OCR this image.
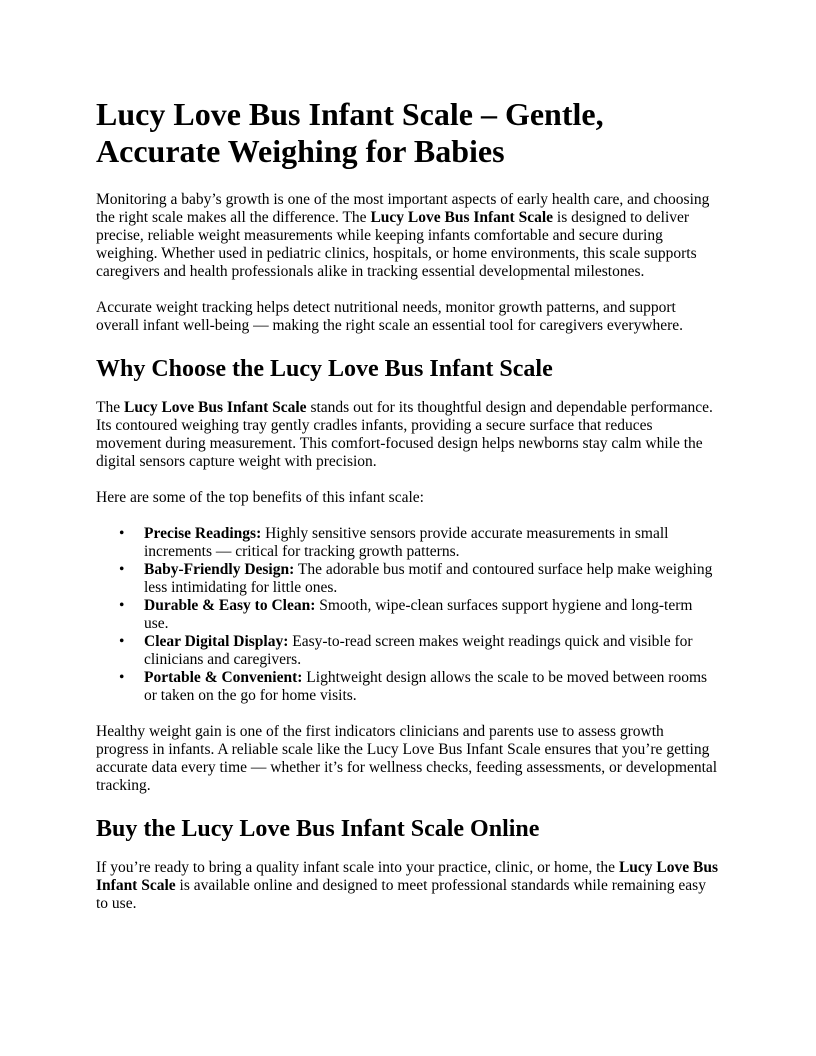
Lucy Love Bus Infant Scale – Gentle, Accurate Weighing for Babies

Monitoring a baby’s growth is one of the most important aspects of early health care, and choosing the right scale makes all the difference. The Lucy Love Bus Infant Scale is designed to deliver precise, reliable weight measurements while keeping infants comfortable and secure during weighing. Whether used in pediatric clinics, hospitals, or home environments, this scale supports caregivers and health professionals alike in tracking essential developmental milestones.

Accurate weight tracking helps detect nutritional needs, monitor growth patterns, and support overall infant well-being — making the right scale an essential tool for caregivers everywhere.

Why Choose the Lucy Love Bus Infant Scale

The Lucy Love Bus Infant Scale stands out for its thoughtful design and dependable performance. Its contoured weighing tray gently cradles infants, providing a secure surface that reduces movement during measurement. This comfort-focused design helps newborns stay calm while the digital sensors capture weight with precision.

Here are some of the top benefits of this infant scale:

• Precise Readings: Highly sensitive sensors provide accurate measurements in small increments — critical for tracking growth patterns.
• Baby-Friendly Design: The adorable bus motif and contoured surface help make weighing less intimidating for little ones.
• Durable & Easy to Clean: Smooth, wipe-clean surfaces support hygiene and long-term use.
• Clear Digital Display: Easy-to-read screen makes weight readings quick and visible for clinicians and caregivers.
• Portable & Convenient: Lightweight design allows the scale to be moved between rooms or taken on the go for home visits.

Healthy weight gain is one of the first indicators clinicians and parents use to assess growth progress in infants. A reliable scale like the Lucy Love Bus Infant Scale ensures that you’re getting accurate data every time — whether it’s for wellness checks, feeding assessments, or developmental tracking.

Buy the Lucy Love Bus Infant Scale Online

If you’re ready to bring a quality infant scale into your practice, clinic, or home, the Lucy Love Bus Infant Scale is available online and designed to meet professional standards while remaining easy to use.
